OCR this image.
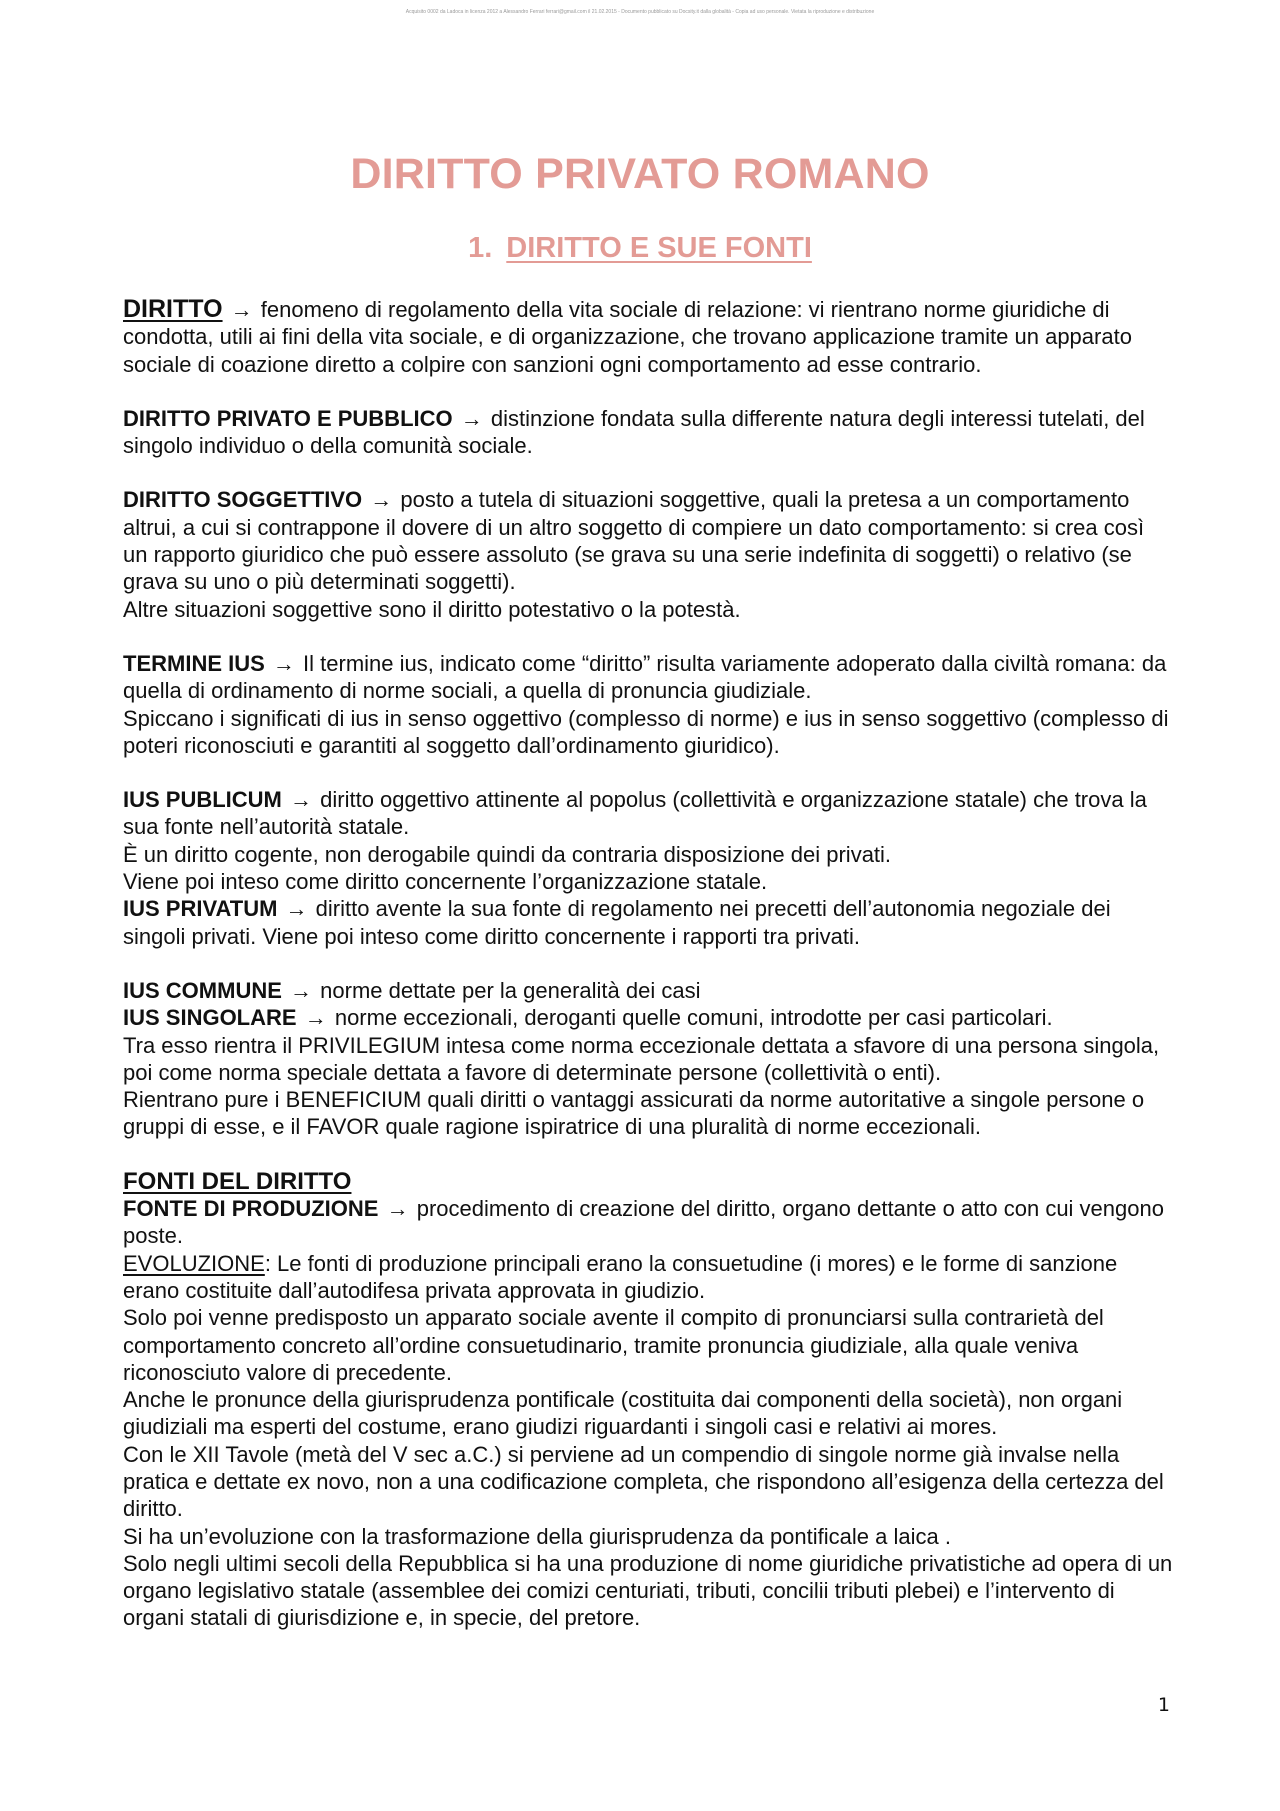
Acquisito 0002 da Ladoca in licenza 2012 a Alessandro Ferrari ferrari@gmail.com il 21.02.2015 - Documento pubblicato su Docsity.it dalla globalità - Copia ad uso personale. Vietata la riproduzione e distribuzione
DIRITTO PRIVATO ROMANO
1. DIRITTO E SUE FONTI

DIRITTO → fenomeno di regolamento della vita sociale di relazione: vi rientrano norme giuridiche di condotta, utili ai fini della vita sociale, e di organizzazione, che trovano applicazione tramite un apparato sociale di coazione diretto a colpire con sanzioni ogni comportamento ad esse contrario.

DIRITTO PRIVATO E PUBBLICO → distinzione fondata sulla differente natura degli interessi tutelati, del singolo individuo o della comunità sociale.

DIRITTO SOGGETTIVO → posto a tutela di situazioni soggettive, quali la pretesa a un comportamento altrui, a cui si contrappone il dovere di un altro soggetto di compiere un dato comportamento: si crea così un rapporto giuridico che può essere assoluto (se grava su una serie indefinita di soggetti) o relativo (se grava su uno o più determinati soggetti).

Altre situazioni soggettive sono il diritto potestativo o la potestà.

TERMINE IUS → Il termine ius, indicato come “diritto” risulta variamente adoperato dalla civiltà romana: da quella di ordinamento di norme sociali, a quella di pronuncia giudiziale.

Spiccano i significati di ius in senso oggettivo (complesso di norme) e ius in senso soggettivo (complesso di poteri riconosciuti e garantiti al soggetto dall’ordinamento giuridico).

IUS PUBLICUM → diritto oggettivo attinente al popolus (collettività e organizzazione statale) che trova la sua fonte nell’autorità statale.

È un diritto cogente, non derogabile quindi da contraria disposizione dei privati.

Viene poi inteso come diritto concernente l’organizzazione statale.

IUS PRIVATUM → diritto avente la sua fonte di regolamento nei precetti dell’autonomia negoziale dei singoli privati. Viene poi inteso come diritto concernente i rapporti tra privati.

IUS COMMUNE → norme dettate per la generalità dei casi

IUS SINGOLARE → norme eccezionali, deroganti quelle comuni, introdotte per casi particolari.

Tra esso rientra il PRIVILEGIUM intesa come norma eccezionale dettata a sfavore di una persona singola, poi come norma speciale dettata a favore di determinate persone (collettività o enti).

Rientrano pure i BENEFICIUM quali diritti o vantaggi assicurati da norme autoritative a singole persone o gruppi di esse, e il FAVOR quale ragione ispiratrice di una pluralità di norme eccezionali.

FONTI DEL DIRITTO

FONTE DI PRODUZIONE → procedimento di creazione del diritto, organo dettante o atto con cui vengono poste.

EVOLUZIONE: Le fonti di produzione principali erano la consuetudine (i mores) e le forme di sanzione erano costituite dall’autodifesa privata approvata in giudizio.

Solo poi venne predisposto un apparato sociale avente il compito di pronunciarsi sulla contrarietà del comportamento concreto all’ordine consuetudinario, tramite pronuncia giudiziale, alla quale veniva riconosciuto valore di precedente.

Anche le pronunce della giurisprudenza pontificale (costituita dai componenti della società), non organi giudiziali ma esperti del costume, erano giudizi riguardanti i singoli casi e relativi ai mores.

Con le XII Tavole (metà del V sec a.C.) si perviene ad un compendio di singole norme già invalse nella pratica e dettate ex novo, non a una codificazione completa, che rispondono all’esigenza della certezza del diritto.

Si ha un’evoluzione con la trasformazione della giurisprudenza da pontificale a laica .

Solo negli ultimi secoli della Repubblica si ha una produzione di nome giuridiche privatistiche ad opera di un organo legislativo statale (assemblee dei comizi centuriati, tributi, concilii tributi plebei) e l’intervento di organi statali di giurisdizione e, in specie, del pretore.

1
